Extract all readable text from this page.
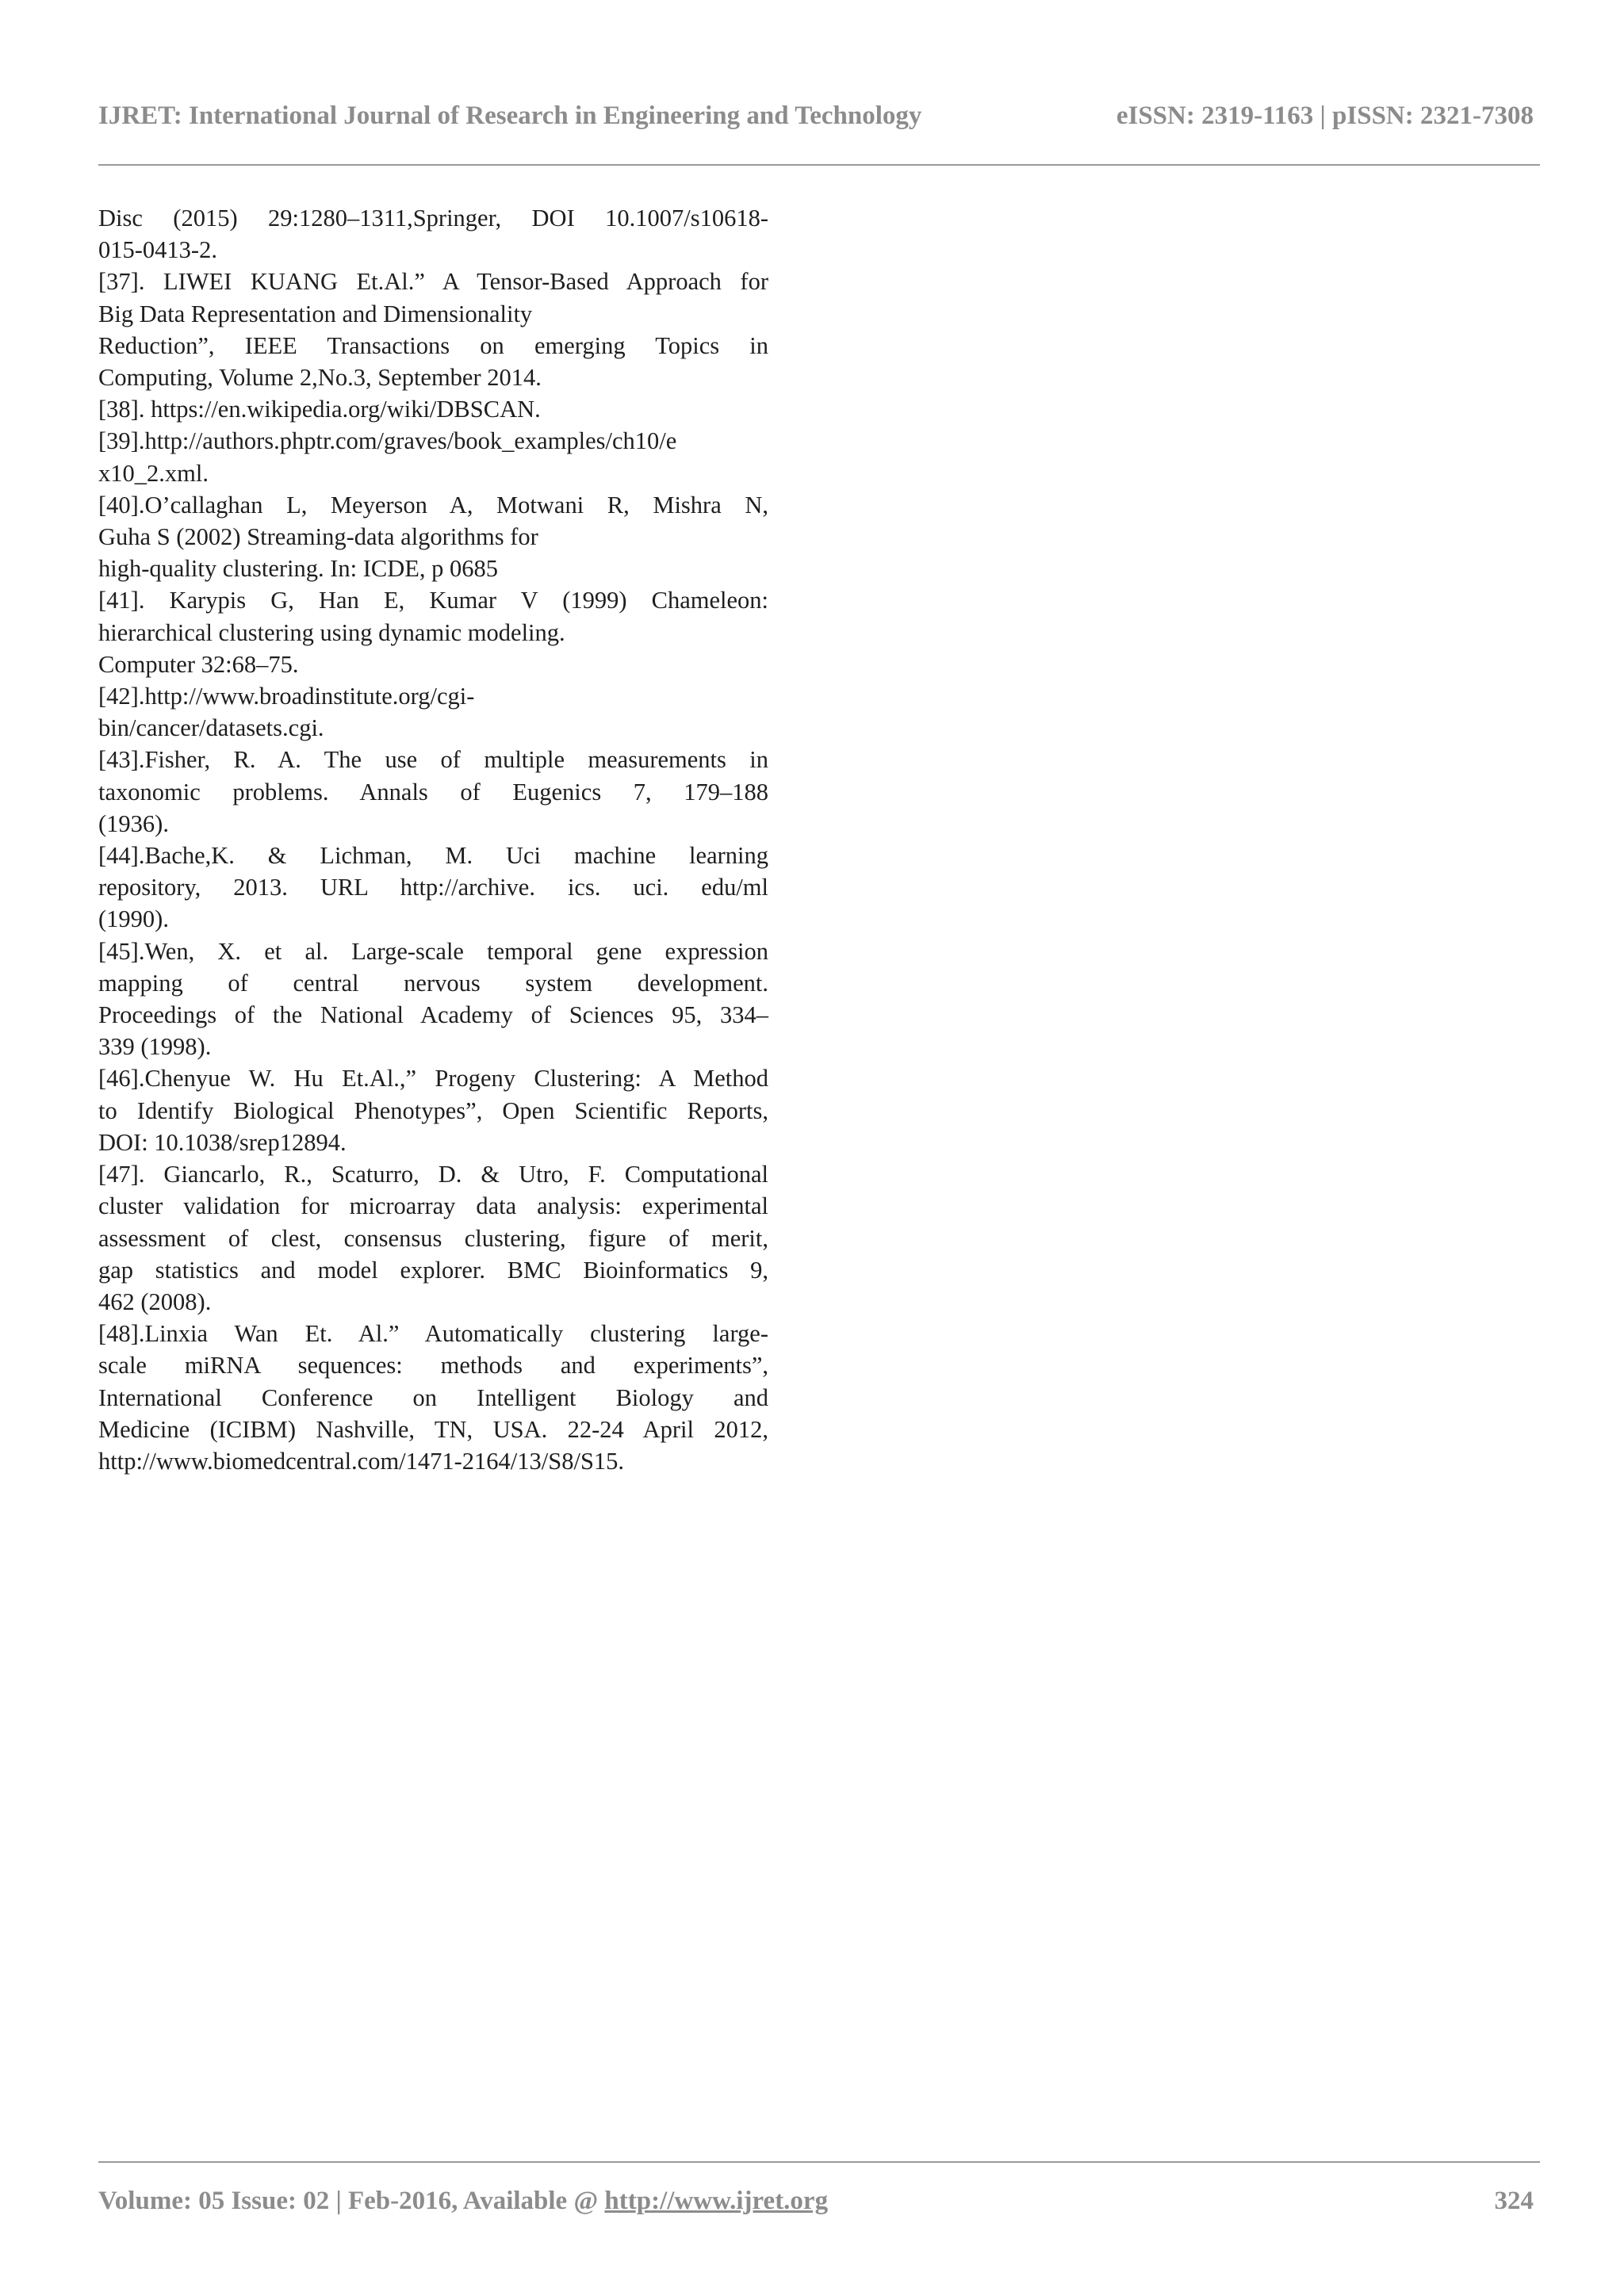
IJRET: International Journal of Research in Engineering and Technology	eISSN: 2319-1163 | pISSN: 2321-7308
Disc (2015) 29:1280–1311,Springer, DOI 10.1007/s10618-
015-0413-2.
[37]. LIWEI KUANG Et.Al.” A Tensor-Based Approach for
Big Data Representation and Dimensionality
Reduction”, IEEE Transactions on emerging Topics in
Computing, Volume 2,No.3, September 2014.
[38]. https://en.wikipedia.org/wiki/DBSCAN.
[39].http://authors.phptr.com/graves/book_examples/ch10/e
x10_2.xml.
[40].O’callaghan L, Meyerson A, Motwani R, Mishra N,
Guha S (2002) Streaming-data algorithms for
high-quality clustering. In: ICDE, p 0685
[41]. Karypis G, Han E, Kumar V (1999) Chameleon:
hierarchical clustering using dynamic modeling.
Computer 32:68–75.
[42].http://www.broadinstitute.org/cgi-
bin/cancer/datasets.cgi.
[43].Fisher, R. A. The use of multiple measurements in
taxonomic problems. Annals of Eugenics 7, 179–188
(1936).
[44].Bache,K. & Lichman, M. Uci machine learning
repository, 2013. URL http://archive. ics. uci. edu/ml
(1990).
[45].Wen, X. et al. Large-scale temporal gene expression
mapping of central nervous system development.
Proceedings of the National Academy of Sciences 95, 334–
339 (1998).
[46].Chenyue W. Hu Et.Al.,” Progeny Clustering: A Method
to Identify Biological Phenotypes”, Open Scientific Reports,
DOI: 10.1038/srep12894.
[47]. Giancarlo, R., Scaturro, D. & Utro, F. Computational
cluster validation for microarray data analysis: experimental
assessment of clest, consensus clustering, figure of merit,
gap statistics and model explorer. BMC Bioinformatics 9,
462 (2008).
[48].Linxia Wan Et. Al.” Automatically clustering large-
scale miRNA sequences: methods and experiments”,
International Conference on Intelligent Biology and
Medicine (ICIBM) Nashville, TN, USA. 22-24 April 2012,
http://www.biomedcentral.com/1471-2164/13/S8/S15.
Volume: 05 Issue: 02 | Feb-2016, Available @ http://www.ijret.org	324
